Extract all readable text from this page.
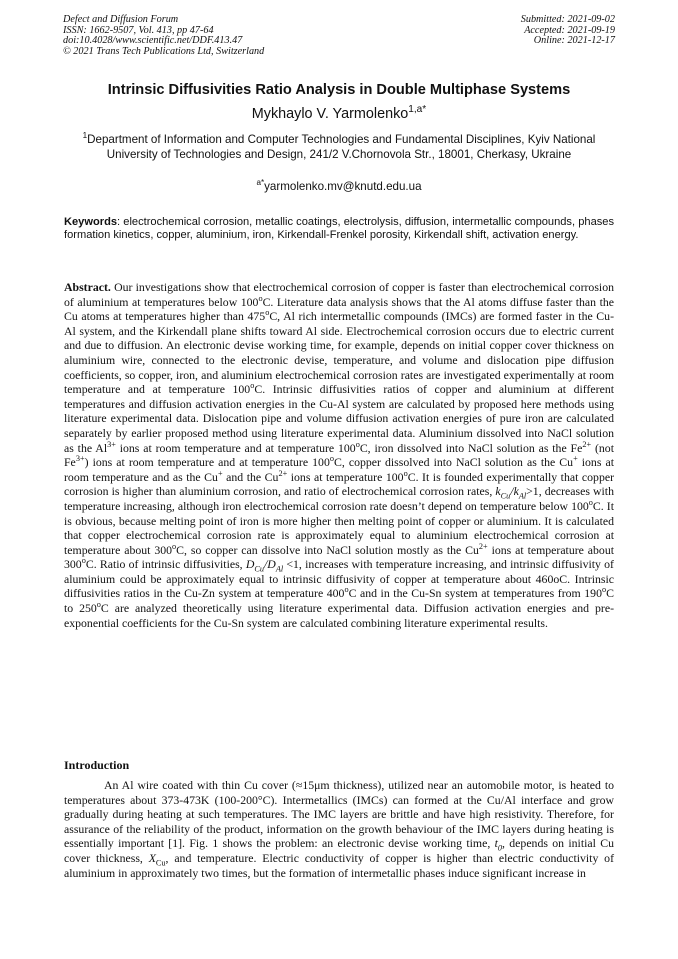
Defect and Diffusion Forum
ISSN: 1662-9507, Vol. 413, pp 47-64
doi:10.4028/www.scientific.net/DDF.413.47
© 2021 Trans Tech Publications Ltd, Switzerland
Submitted: 2021-09-02
Accepted: 2021-09-19
Online: 2021-12-17
Intrinsic Diffusivities Ratio Analysis in Double Multiphase Systems
Mykhaylo V. Yarmolenko$^{1,a*}$
$^1$Department of Information and Computer Technologies and Fundamental Disciplines, Kyiv National University of Technologies and Design, 241/2 V.Chornovola Str., 18001, Cherkasy, Ukraine
$^{a*}$yarmolenko.mv@knutd.edu.ua
Keywords: electrochemical corrosion, metallic coatings, electrolysis, diffusion, intermetallic compounds, phases formation kinetics, copper, aluminium, iron, Kirkendall-Frenkel porosity, Kirkendall shift, activation energy.
Abstract. Our investigations show that electrochemical corrosion of copper is faster than electrochemical corrosion of aluminium at temperatures below 100$^o$C. Literature data analysis shows that the Al atoms diffuse faster than the Cu atoms at temperatures higher than 475$^o$C, Al rich intermetallic compounds (IMCs) are formed faster in the Cu-Al system, and the Kirkendall plane shifts toward Al side. Electrochemical corrosion occurs due to electric current and due to diffusion. An electronic devise working time, for example, depends on initial copper cover thickness on aluminium wire, connected to the electronic devise, temperature, and volume and dislocation pipe diffusion coefficients, so copper, iron, and aluminium electrochemical corrosion rates are investigated experimentally at room temperature and at temperature 100$^o$C. Intrinsic diffusivities ratios of copper and aluminium at different temperatures and diffusion activation energies in the Cu-Al system are calculated by proposed here methods using literature experimental data. Dislocation pipe and volume diffusion activation energies of pure iron are calculated separately by earlier proposed method using literature experimental data. Aluminium dissolved into NaCl solution as the $Al^{3+}$ ions at room temperature and at temperature 100$^o$C, iron dissolved into NaCl solution as the $Fe^{2+}$ (not $Fe^{3+}$) ions at room temperature and at temperature 100$^o$C, copper dissolved into NaCl solution as the Cu+ ions at room temperature and as the Cu+ and the $Cu^{2+}$ ions at temperature 100$^o$C. It is founded experimentally that copper corrosion is higher than aluminium corrosion, and ratio of electrochemical corrosion rates, $k_{Cu}/k_{Al}>1$, decreases with temperature increasing, although iron electrochemical corrosion rate doesn’t depend on temperature below 100$^o$C. It is obvious, because melting point of iron is more higher then melting point of copper or aluminium. It is calculated that copper electrochemical corrosion rate is approximately equal to aluminium electrochemical corrosion at temperature about 300$^o$C, so copper can dissolve into NaCl solution mostly as the $Cu^{2+}$ ions at temperature about 300$^o$C. Ratio of intrinsic diffusivities, $D_{Cu}/D_{Al} <1$, increases with temperature increasing, and intrinsic diffusivity of aluminium could be approximately equal to intrinsic diffusivity of copper at temperature about 460oC. Intrinsic diffusivities ratios in the Cu-Zn system at temperature 400$^o$C and in the Cu-Sn system at temperatures from 190$^o$C to 250$^o$C are analyzed theoretically using literature experimental data. Diffusion activation energies and pre-exponential coefficients for the Cu-Sn system are calculated combining literature experimental results.
Introduction
An Al wire coated with thin Cu cover (≈15μm thickness), utilized near an automobile motor, is heated to temperatures about 373-473K (100-200°C). Intermetallics (IMCs) can formed at the Cu/Al interface and grow gradually during heating at such temperatures. The IMC layers are brittle and have high resistivity. Therefore, for assurance of the reliability of the product, information on the growth behaviour of the IMC layers during heating is essentially important [1]. Fig. 1 shows the problem: an electronic devise working time, $t_0$, depends on initial Cu cover thickness, $X_{Cu}$, and temperature. Electric conductivity of copper is higher than electric conductivity of aluminium in approximately two times, but the formation of intermetallic phases induce significant increase in
